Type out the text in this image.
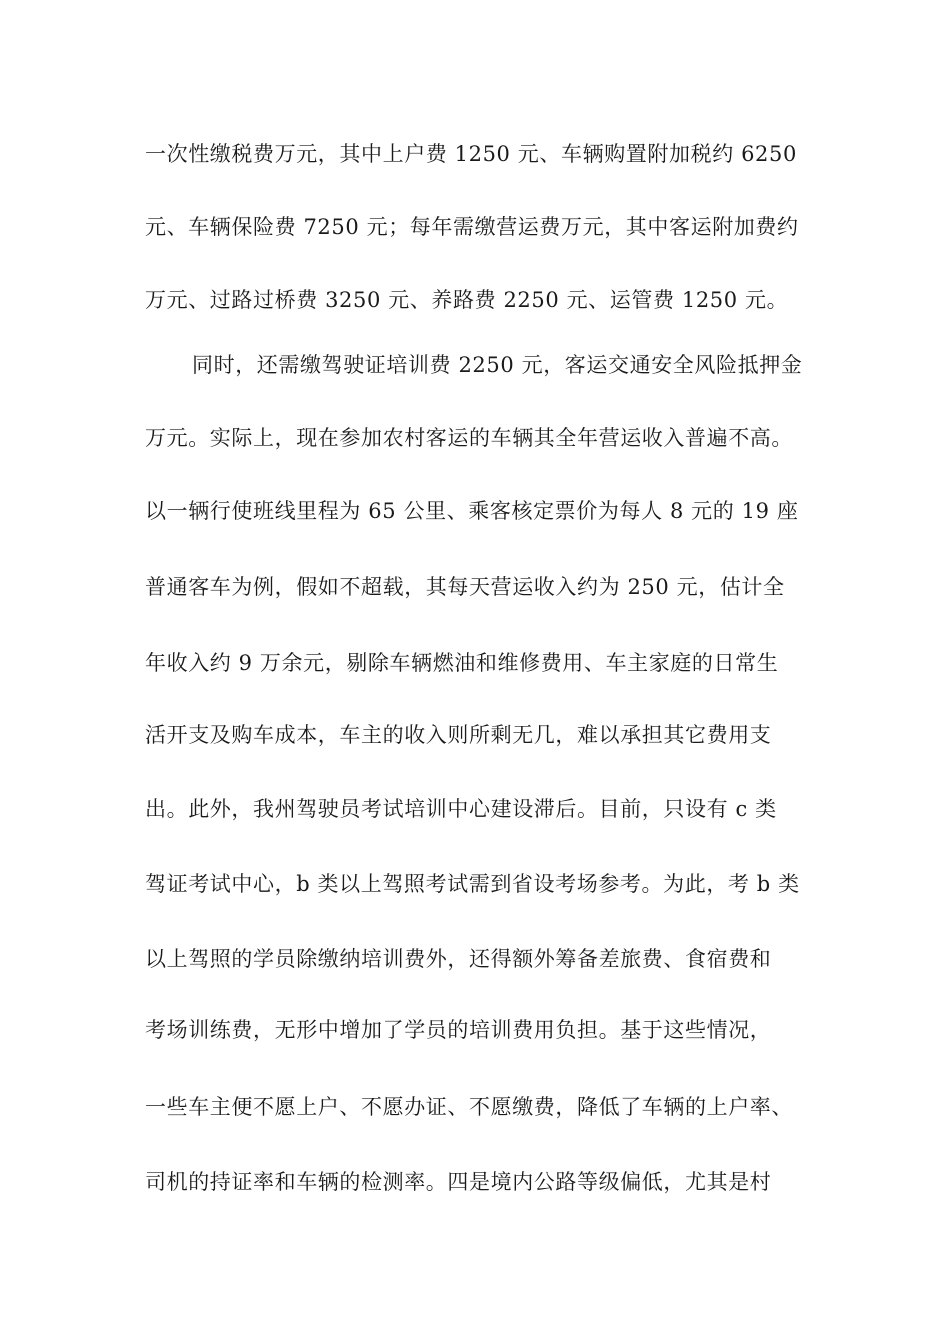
一次性缴税费万元，其中上户费 1250 元、车辆购置附加税约 6250
元、车辆保险费 7250 元；每年需缴营运费万元，其中客运附加费约
万元、过路过桥费 3250 元、养路费 2250 元、运管费 1250 元。
同时，还需缴驾驶证培训费 2250 元，客运交通安全风险抵押金
万元。实际上，现在参加农村客运的车辆其全年营运收入普遍不高。
以一辆行使班线里程为 65 公里、乘客核定票价为每人 8 元的 19 座
普通客车为例，假如不超载，其每天营运收入约为 250 元，估计全
年收入约 9 万余元，剔除车辆燃油和维修费用、车主家庭的日常生
活开支及购车成本，车主的收入则所剩无几，难以承担其它费用支
出。此外，我州驾驶员考试培训中心建设滞后。目前，只设有 c 类
驾证考试中心，b 类以上驾照考试需到省设考场参考。为此，考 b 类
以上驾照的学员除缴纳培训费外，还得额外筹备差旅费、食宿费和
考场训练费，无形中增加了学员的培训费用负担。基于这些情况，
一些车主便不愿上户、不愿办证、不愿缴费，降低了车辆的上户率、
司机的持证率和车辆的检测率。四是境内公路等级偏低，尤其是村
